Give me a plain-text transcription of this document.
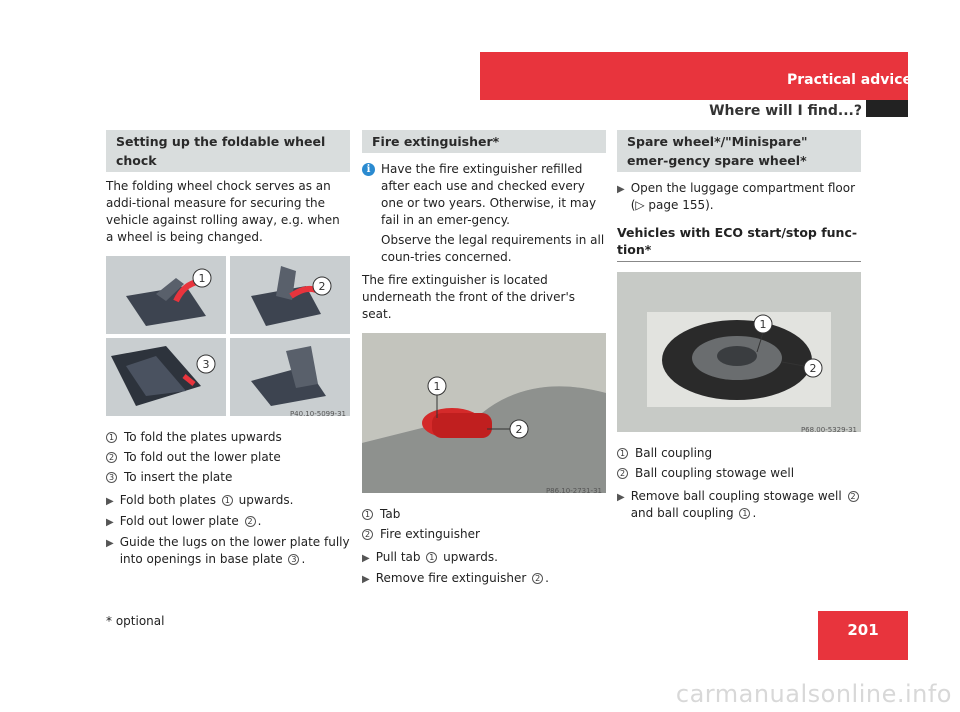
Practical advice
Where will I find...?
Setting up the foldable wheel chock
The folding wheel chock serves as an addi-tional measure for securing the vehicle against rolling away, e.g. when a wheel is being changed.
1
2
3
P40.10-5099-31
1 To fold the plates upwards
2 To fold out the lower plate
3 To insert the plate
▶ Fold both plates 1 upwards.
▶ Fold out lower plate 2 .
▶ Guide the lugs on the lower plate fully into openings in base plate 3 .
Fire extinguisher*
i Have the fire extinguisher refilled after each use and checked every one or two years. Otherwise, it may fail in an emer-gency.
Observe the legal requirements in all coun-tries concerned.
The fire extinguisher is located underneath the front of the driver's seat.
1
2
P86.10-2731-31
1 Tab
2 Fire extinguisher
▶ Pull tab 1 upwards.
▶ Remove fire extinguisher 2 .
Spare wheel*/"Minispare" emer-gency spare wheel*
▶ Open the luggage compartment floor (▷ page 155).
Vehicles with ECO start/stop func-tion*
1
2
P68.00-5329-31
1 Ball coupling
2 Ball coupling stowage well
▶ Remove ball coupling stowage well 2 and ball coupling 1 .
* optional	201
carmanualsonline.info
